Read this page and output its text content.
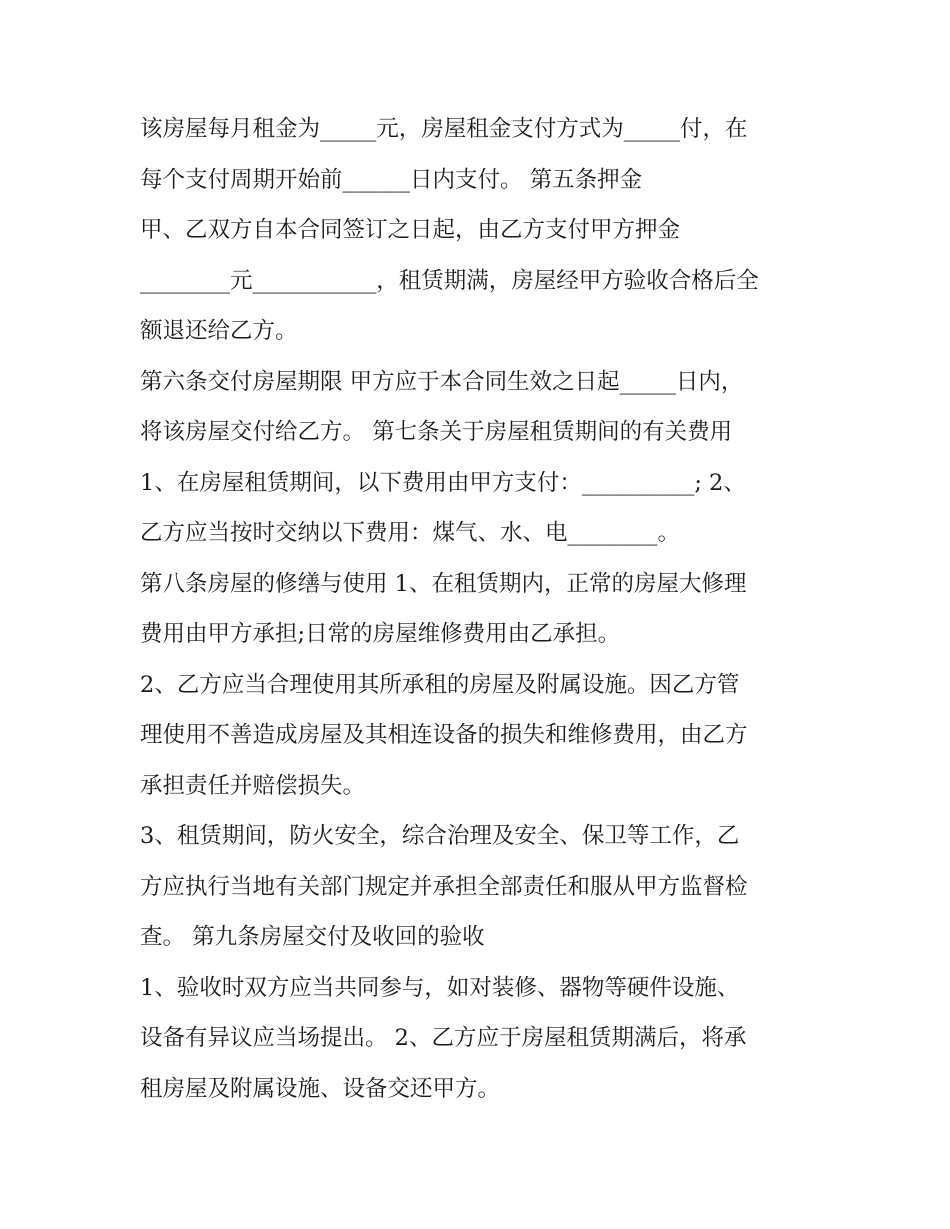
该房屋每月租金为_____元，房屋租金支付方式为_____付，在
每个支付周期开始前______日内支付。 第五条押金
甲、乙双方自本合同签订之日起，由乙方支付甲方押金
________元___________，租赁期满，房屋经甲方验收合格后全
额退还给乙方。
第六条交付房屋期限 甲方应于本合同生效之日起_____日内，
将该房屋交付给乙方。 第七条关于房屋租赁期间的有关费用
1、在房屋租赁期间，以下费用由甲方支付：__________; 2、
乙方应当按时交纳以下费用：煤气、水、电________。
第八条房屋的修缮与使用 1、在租赁期内，正常的房屋大修理
费用由甲方承担;日常的房屋维修费用由乙承担。
2、乙方应当合理使用其所承租的房屋及附属设施。因乙方管
理使用不善造成房屋及其相连设备的损失和维修费用，由乙方
承担责任并赔偿损失。
3、租赁期间，防火安全，综合治理及安全、保卫等工作，乙
方应执行当地有关部门规定并承担全部责任和服从甲方监督检
查。 第九条房屋交付及收回的验收
1、验收时双方应当共同参与，如对装修、器物等硬件设施、
设备有异议应当场提出。 2、乙方应于房屋租赁期满后，将承
租房屋及附属设施、设备交还甲方。
